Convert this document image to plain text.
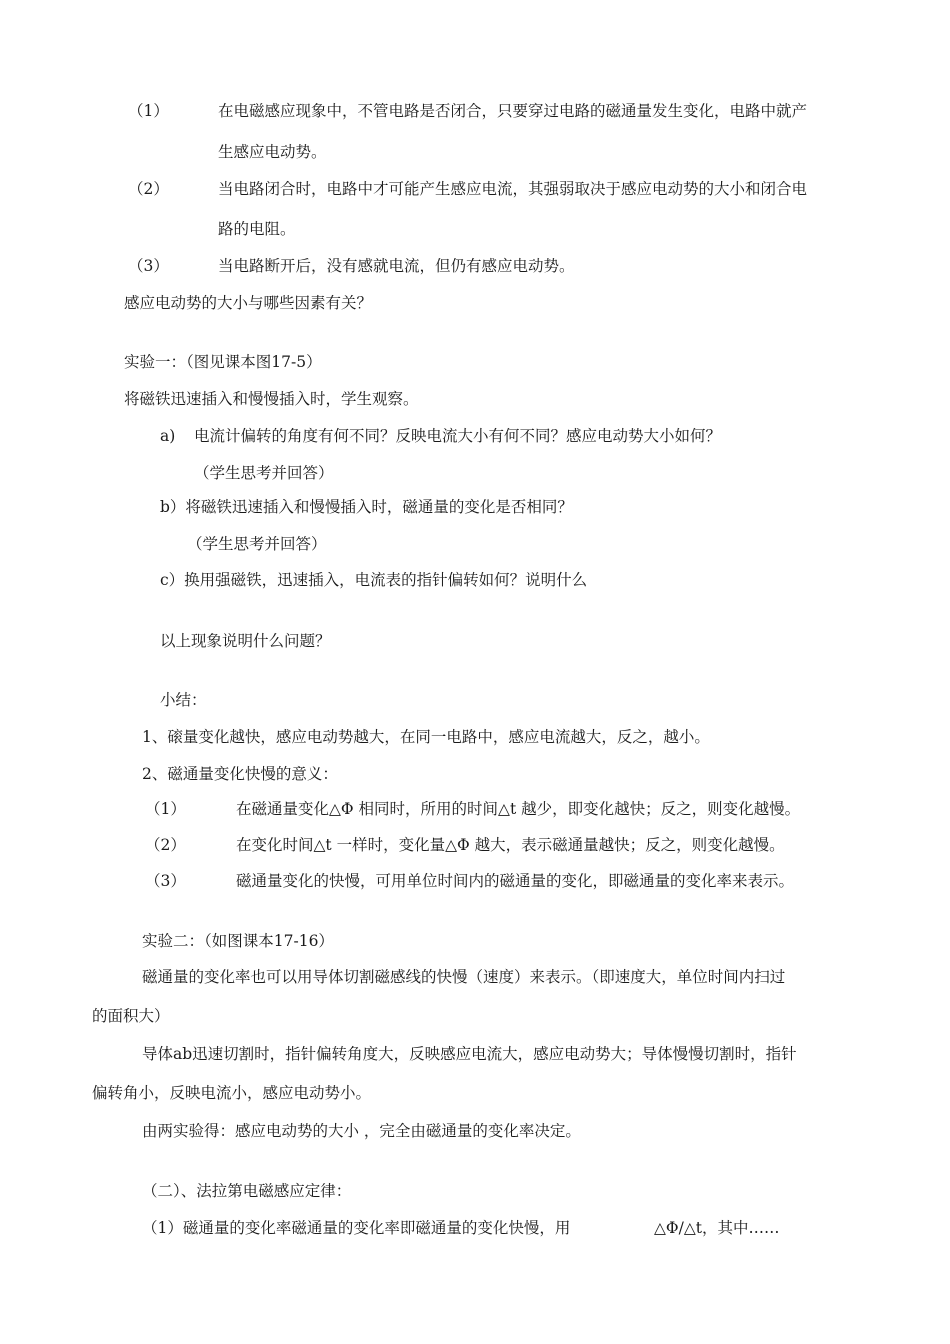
（1）	在电磁感应现象中，不管电路是否闭合，只要穿过电路的磁通量发生变化，电路中就产
生感应电动势。
（2）	当电路闭合时，电路中才可能产生感应电流，其强弱取决于感应电动势的大小和闭合电
路的电阻。
（3）	当电路断开后，没有感就电流，但仍有感应电动势。
感应电动势的大小与哪些因素有关？
实验一：（图见课本图17-5）
将磁铁迅速插入和慢慢插入时，学生观察。
a) 电流计偏转的角度有何不同？反映电流大小有何不同？感应电动势大小如何？
（学生思考并回答）
b）将磁铁迅速插入和慢慢插入时，磁通量的变化是否相同？
（学生思考并回答）
c）换用强磁铁，迅速插入，电流表的指针偏转如何？说明什么
以上现象说明什么问题？
小结：
1、磙量变化越快，感应电动势越大，在同一电路中，感应电流越大，反之，越小。
2、磁通量变化快慢的意义：
（1）	在磁通量变化△Φ 相同时，所用的时间△t 越少，即变化越快；反之，则变化越慢。
（2）	在变化时间△t 一样时，变化量△Φ 越大，表示磁通量越快；反之，则变化越慢。
（3）	磁通量变化的快慢，可用单位时间内的磁通量的变化，即磁通量的变化率来表示。
实验二：（如图课本17-16）
磁通量的变化率也可以用导体切割磁感线的快慢（速度）来表示。（即速度大，单位时间内扫过
的面积大）
导体ab迅速切割时，指针偏转角度大，反映感应电流大，感应电动势大；导体慢慢切割时，指针
偏转角小，反映电流小，感应电动势小。
由两实验得：感应电动势的大小 ，完全由磁通量的变化率决定。
（二）、法拉第电磁感应定律：
（1）磁通量的变化率磁通量的变化率即磁通量的变化快慢，用	△Φ/△t，其中……
